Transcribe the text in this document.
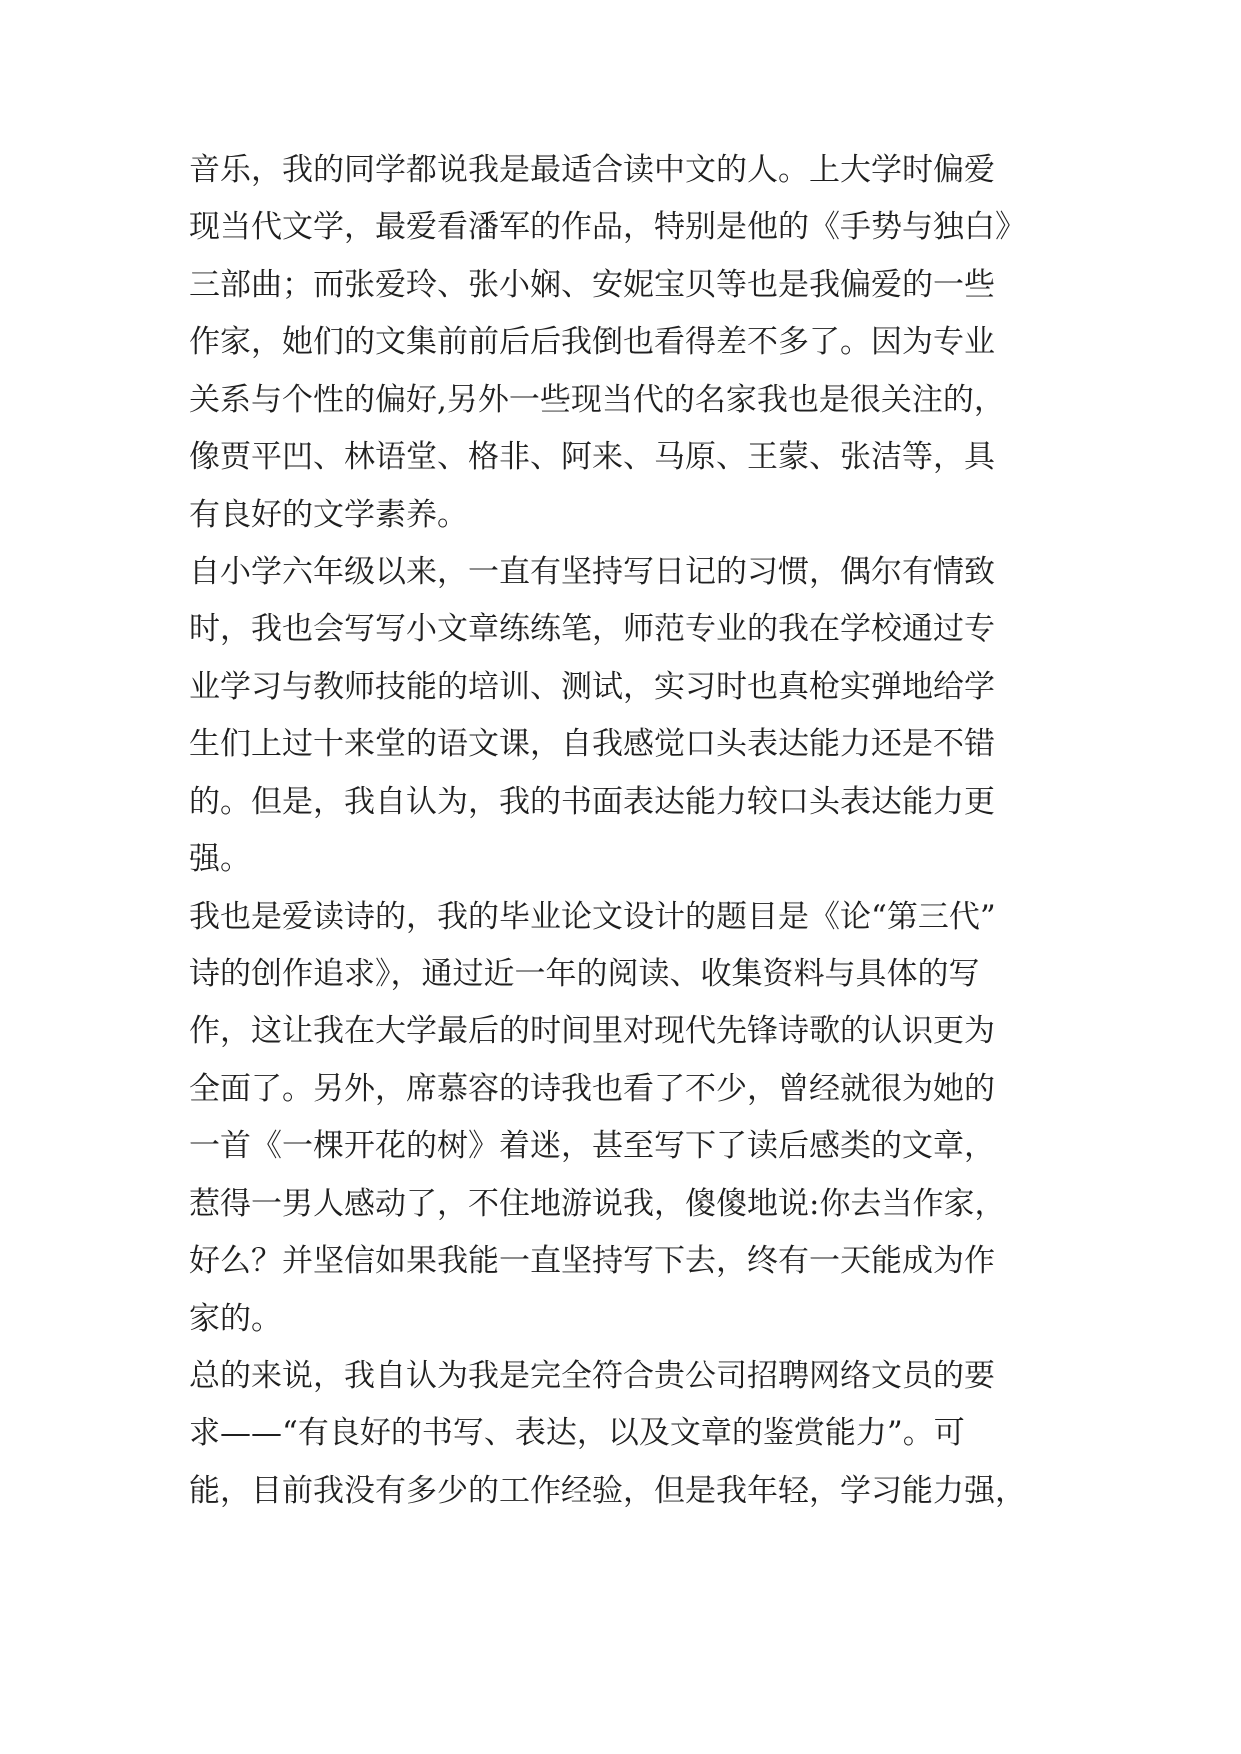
音乐，我的同学都说我是最适合读中文的人。上大学时偏爱
现当代文学，最爱看潘军的作品，特别是他的《手势与独白》
三部曲；而张爱玲、张小娴、安妮宝贝等也是我偏爱的一些
作家，她们的文集前前后后我倒也看得差不多了。因为专业
关系与个性的偏好,另外一些现当代的名家我也是很关注的，
像贾平凹、林语堂、格非、阿来、马原、王蒙、张洁等，具
有良好的文学素养。
自小学六年级以来，一直有坚持写日记的习惯，偶尔有情致
时，我也会写写小文章练练笔，师范专业的我在学校通过专
业学习与教师技能的培训、测试，实习时也真枪实弹地给学
生们上过十来堂的语文课，自我感觉口头表达能力还是不错
的。但是，我自认为，我的书面表达能力较口头表达能力更
强。
我也是爱读诗的，我的毕业论文设计的题目是《论“第三代”
诗的创作追求》，通过近一年的阅读、收集资料与具体的写
作，这让我在大学最后的时间里对现代先锋诗歌的认识更为
全面了。另外，席慕容的诗我也看了不少，曾经就很为她的
一首《一棵开花的树》着迷，甚至写下了读后感类的文章，
惹得一男人感动了，不住地游说我，傻傻地说:你去当作家，
好么？并坚信如果我能一直坚持写下去，终有一天能成为作
家的。
总的来说，我自认为我是完全符合贵公司招聘网络文员的要
求——“有良好的书写、表达，以及文章的鉴赏能力”。可
能，目前我没有多少的工作经验，但是我年轻，学习能力强，
